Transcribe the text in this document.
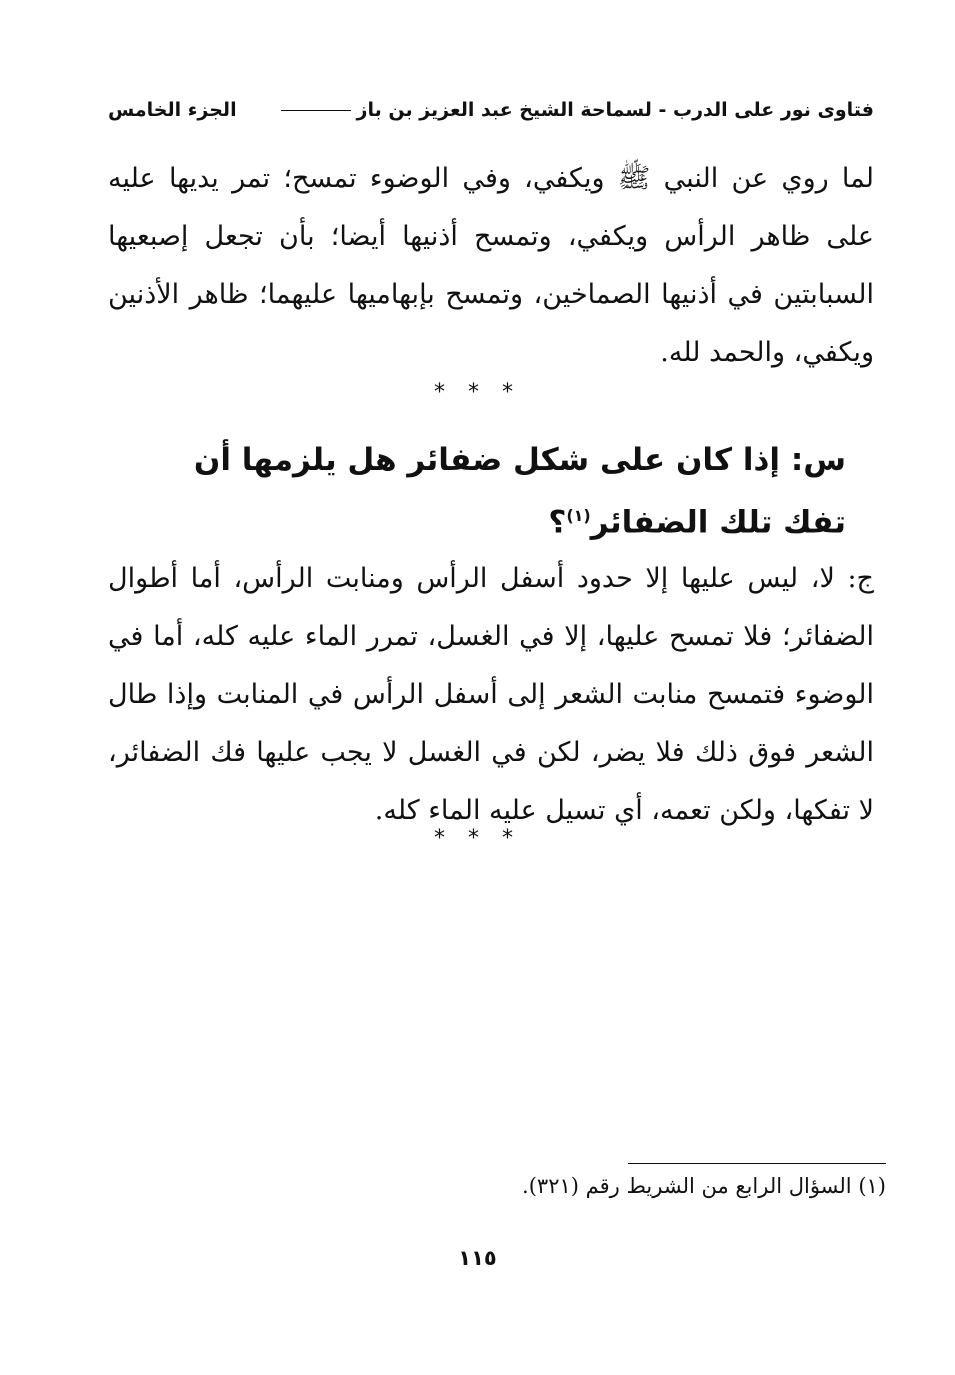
فتاوى نور على الدرب - لسماحة الشيخ عبد العزيز بن باز
الجزء الخامس
لما روي عن النبي ﷺ ويكفي، وفي الوضوء تمسح؛ تمر يديها عليه على ظاهر الرأس ويكفي، وتمسح أذنيها أيضا؛ بأن تجعل إصبعيها السبابتين في أذنيها الصماخين، وتمسح بإبهاميها عليهما؛ ظاهر الأذنين ويكفي، والحمد لله.
* * *
س: إذا كان على شكل ضفائر هل يلزمها أن تفك تلك الضفائر$^{(١)}$؟
ج: لا، ليس عليها إلا حدود أسفل الرأس ومنابت الرأس، أما أطوال الضفائر؛ فلا تمسح عليها، إلا في الغسل، تمرر الماء عليه كله، أما في الوضوء فتمسح منابت الشعر إلى أسفل الرأس في المنابت وإذا طال الشعر فوق ذلك فلا يضر، لكن في الغسل لا يجب عليها فك الضفائر، لا تفكها، ولكن تعمه، أي تسيل عليه الماء كله.
* * *
(١) السؤال الرابع من الشريط رقم (٣٢١).
١١٥
